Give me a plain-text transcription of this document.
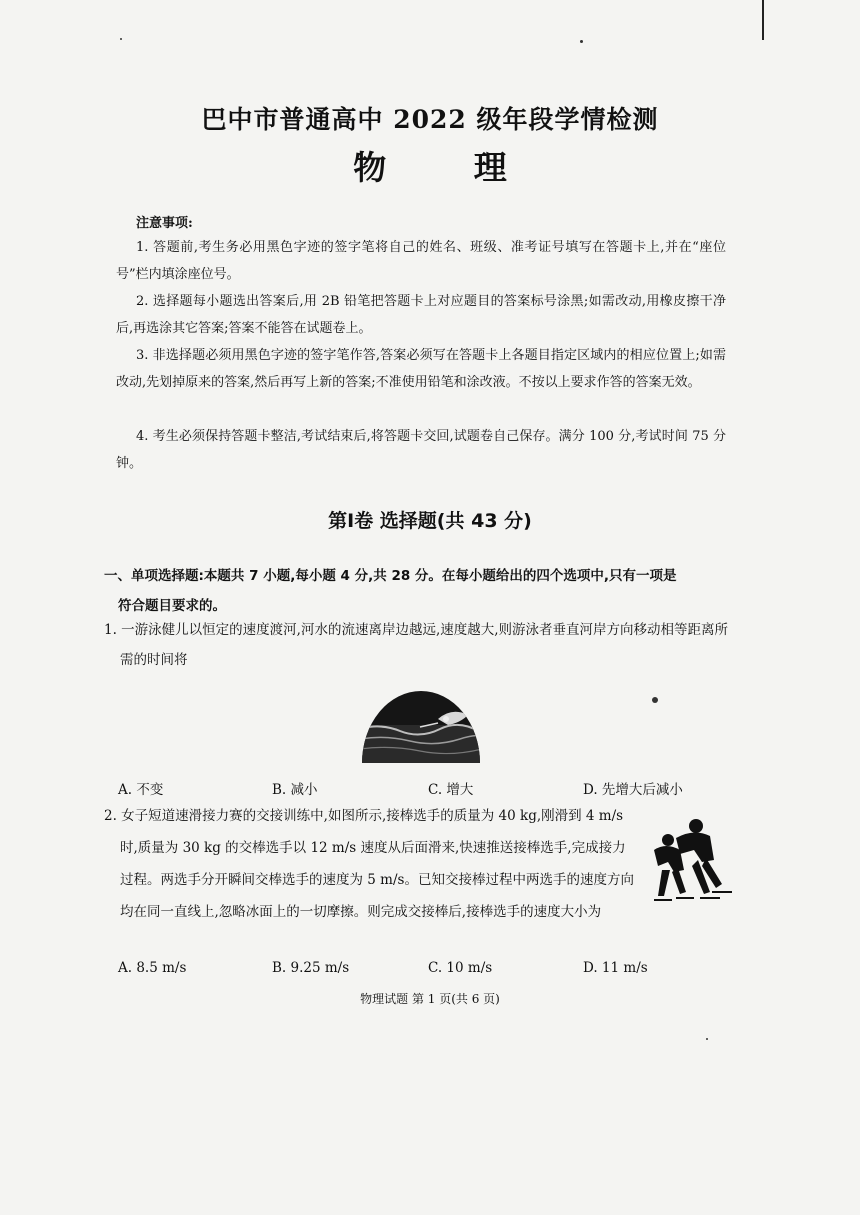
巴中市普通高中 2022 级年段学情检测
物 理
注意事项:
1. 答题前,考生务必用黑色字迹的签字笔将自己的姓名、班级、准考证号填写在答题卡上,并在“座位号”栏内填涂座位号。
2. 选择题每小题选出答案后,用 2B 铅笔把答题卡上对应题目的答案标号涂黑;如需改动,用橡皮擦干净后,再选涂其它答案;答案不能答在试题卷上。
3. 非选择题必须用黑色字迹的签字笔作答,答案必须写在答题卡上各题目指定区域内的相应位置上;如需改动,先划掉原来的答案,然后再写上新的答案;不准使用铅笔和涂改液。不按以上要求作答的答案无效。
4. 考生必须保持答题卡整洁,考试结束后,将答题卡交回,试题卷自己保存。满分 100 分,考试时间 75 分钟。
第Ⅰ卷 选择题(共 43 分)
一、单项选择题:本题共 7 小题,每小题 4 分,共 28 分。在每小题给出的四个选项中,只有一项是
符合题目要求的。
1. 一游泳健儿以恒定的速度渡河,河水的流速离岸边越远,速度越大,则游泳者垂直河岸方向移动相等距离所需的时间将
A. 不变	B. 减小	C. 增大	D. 先增大后减小
2. 女子短道速滑接力赛的交接训练中,如图所示,接棒选手的质量为 40 kg,刚滑到 4 m/s 时,质量为 30 kg 的交棒选手以 12 m/s 速度从后面滑来,快速推送接棒选手,完成接力过程。两选手分开瞬间交棒选手的速度为 5 m/s。已知交接棒过程中两选手的速度方向均在同一直线上,忽略冰面上的一切摩擦。则完成交接棒后,接棒选手的速度大小为
A. 8.5 m/s	B. 9.25 m/s	C. 10 m/s	D. 11 m/s
物理试题 第 1 页(共 6 页)
